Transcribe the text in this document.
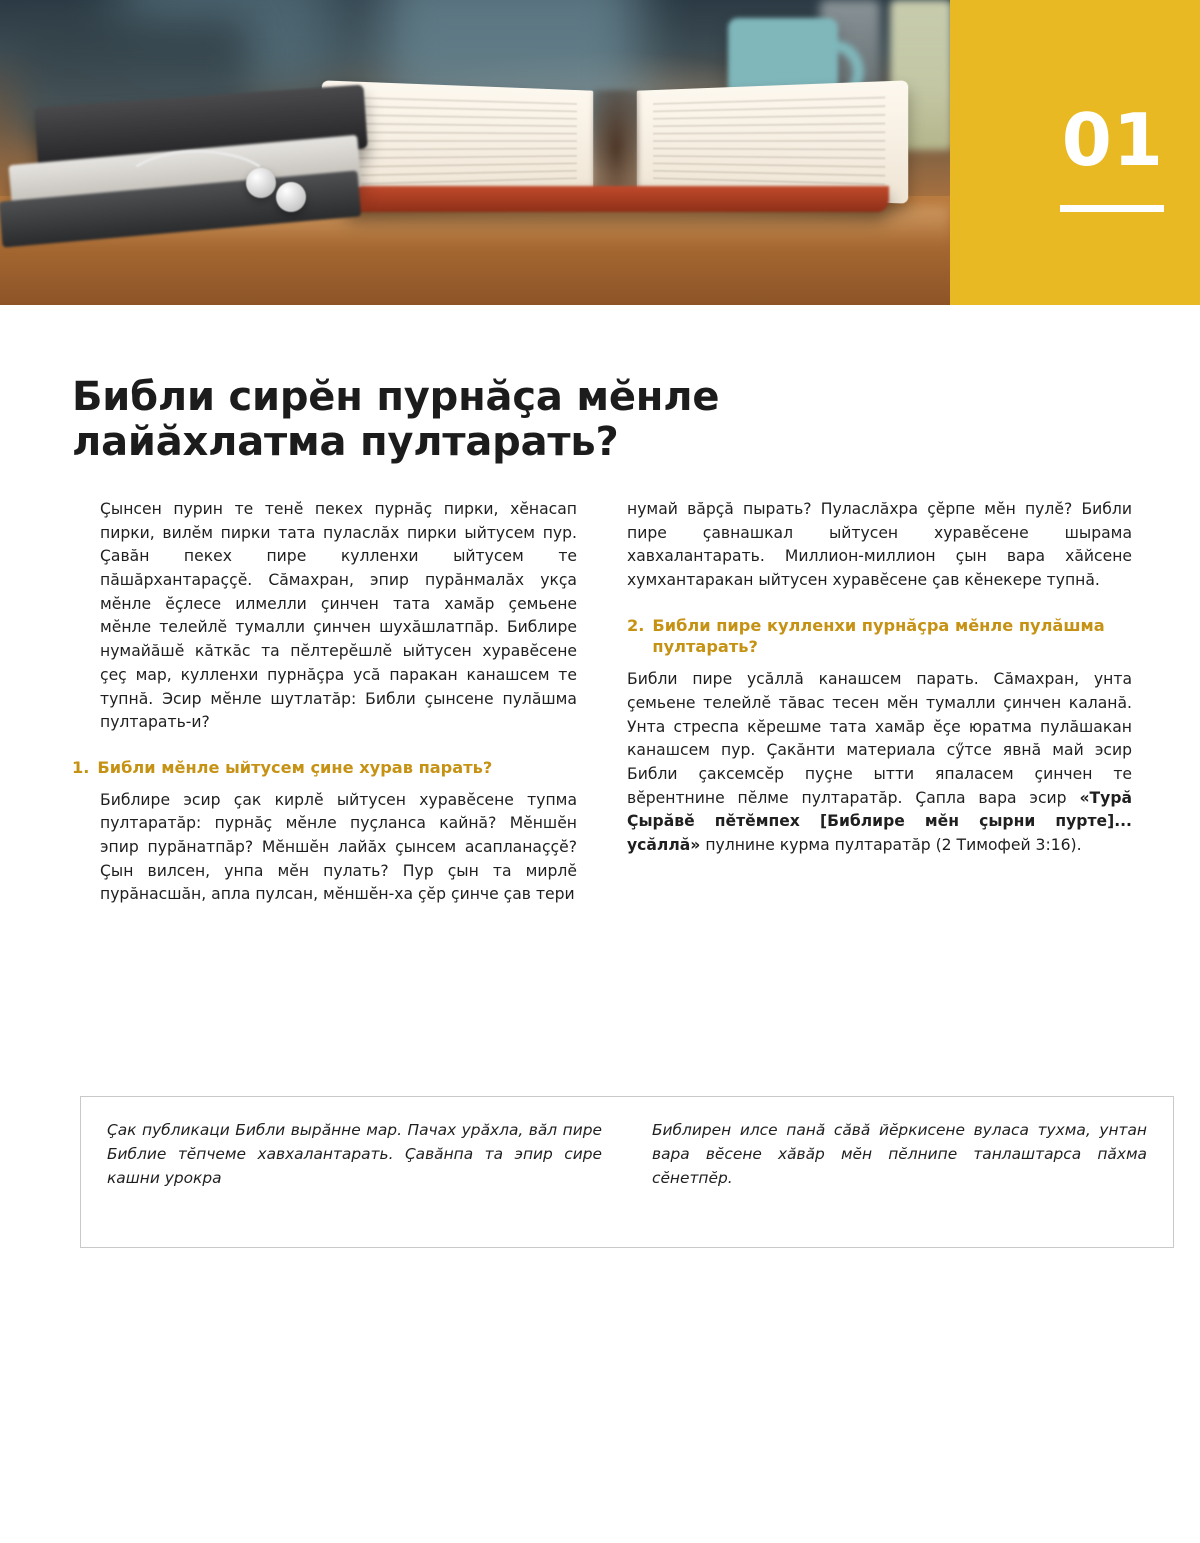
01
Библи сирĕн пурнăçа мĕнле лайăхлатма пултарать?

Çынсен пурин те тенĕ пекех пурнăç пирки, хĕнасап пирки, вилĕм пирки тата пуласлăх пирки ыйтусем пур. Çавăн пекех пире кулленхи ыйтусем те пăшăрхантараççĕ. Сăмахран, эпир пурăнмалăх укçа мĕнле ĕçлесе илмелли çинчен тата хамăр çемьене мĕнле телейлĕ тумалли çинчен шухăшлатпăр. Библире нумайăшĕ кăткăс та пĕлтерĕшлĕ ыйтусен хуравĕсене çеç мар, кулленхи пурнăçра усă паракан канашсем те тупнă. Эсир мĕнле шутлатăр: Библи çынсене пулăшма пултарать-и?

1. Библи мĕнле ыйтусем çине хурав парать?

Библире эсир çак кирлĕ ыйтусен хуравĕсене тупма пултаратăр: пурнăç мĕнле пуçланса кайнă? Мĕншĕн эпир пурăнатпăр? Мĕншĕн лайăх çынсем асапланаççĕ? Çын вилсен, унпа мĕн пулать? Пур çын та мирлĕ пурăнасшăн, апла пулсан, мĕншĕн-ха çĕр çинче çав тери

нумай вăрçă пырать? Пуласлăхра çĕрпе мĕн пулĕ? Библи пире çавнашкал ыйтусен хуравĕсене шырама хавхалантарать. Миллион-миллион çын вара хăйсене хумхантаракан ыйтусен хуравĕсене çав кĕнекере тупнă.

2. Библи пире кулленхи пурнăçра мĕнле пулăшма пултарать?

Библи пире усăллă канашсем парать. Сăмахран, унта çемьене телейлĕ тăвас тесен мĕн тумалли çинчен каланă. Унта стреспа кĕрешме тата хамăр ĕçе юратма пулăшакан канашсем пур. Çакăнти материала сӳтсе явнă май эсир Библи çаксемсĕр пуçне ытти япаласем çинчен те вĕрентнине пĕлме пултаратăр. Çапла вара эсир «Турă Çырăвĕ пĕтĕмпех [Библире мĕн çырни пурте]... усăллă» пулнине курма пултаратăр (2 Тимофей 3:16).

Çак публикаци Библи вырăнне мар. Пачах урăхла, вăл пире Библие тĕпчеме хавхалантарать. Çавăнпа та эпир сире кашни урокра
Библирен илсе панă сăвă йĕркисене вуласа тухма, унтан вара вĕсене хăвăр мĕн пĕлнипе танлаштарса пăхма сĕнетпĕр.
